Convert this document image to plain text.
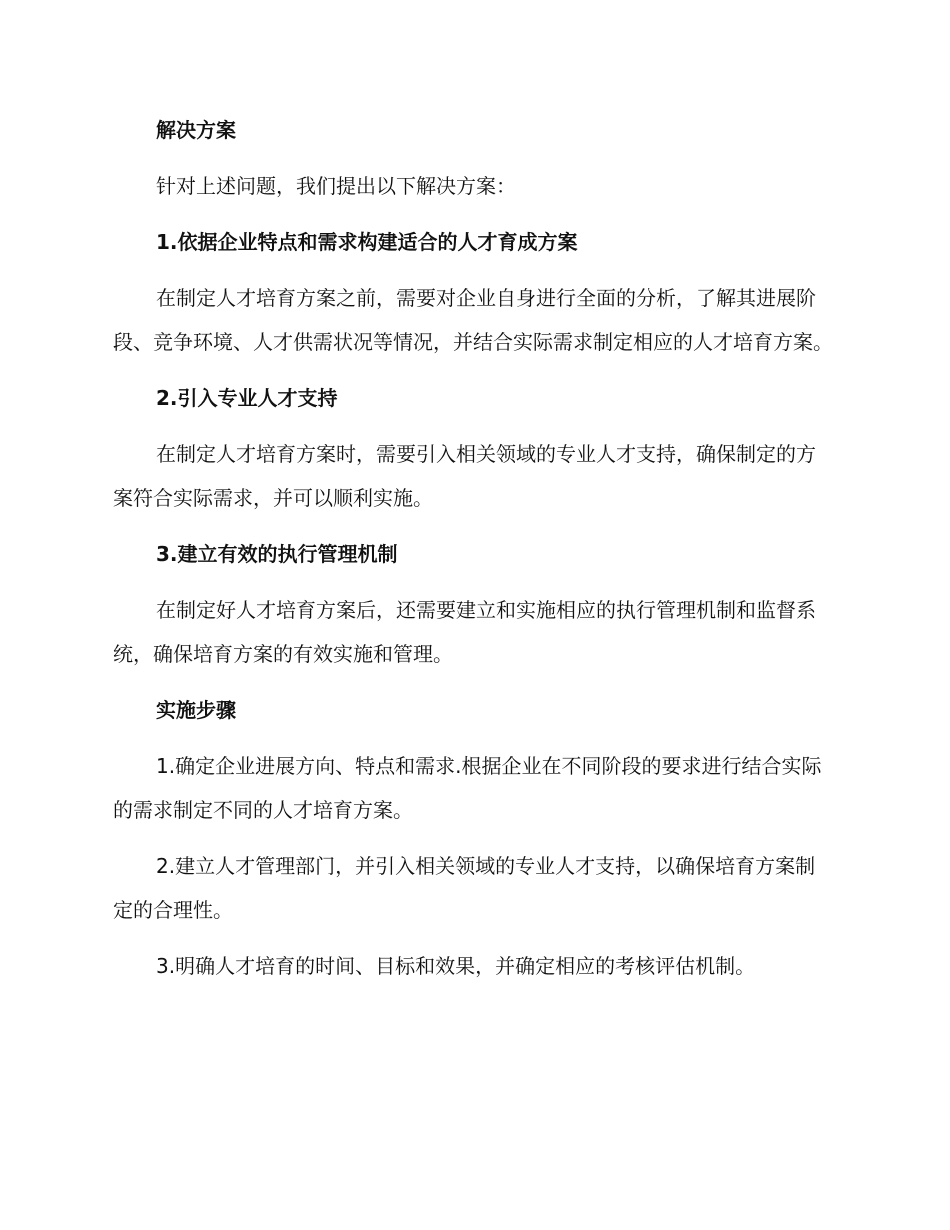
解决方案
针对上述问题，我们提出以下解决方案：
1.依据企业特点和需求构建适合的人才育成方案
在制定人才培育方案之前，需要对企业自身进行全面的分析，了解其进展阶段、竞争环境、人才供需状况等情况，并结合实际需求制定相应的人才培育方案。
2.引入专业人才支持
在制定人才培育方案时，需要引入相关领域的专业人才支持，确保制定的方案符合实际需求，并可以顺利实施。
3.建立有效的执行管理机制
在制定好人才培育方案后，还需要建立和实施相应的执行管理机制和监督系统，确保培育方案的有效实施和管理。
实施步骤
1.确定企业进展方向、特点和需求.根据企业在不同阶段的要求进行结合实际的需求制定不同的人才培育方案。
2.建立人才管理部门，并引入相关领域的专业人才支持，以确保培育方案制定的合理性。
3.明确人才培育的时间、目标和效果，并确定相应的考核评估机制。
